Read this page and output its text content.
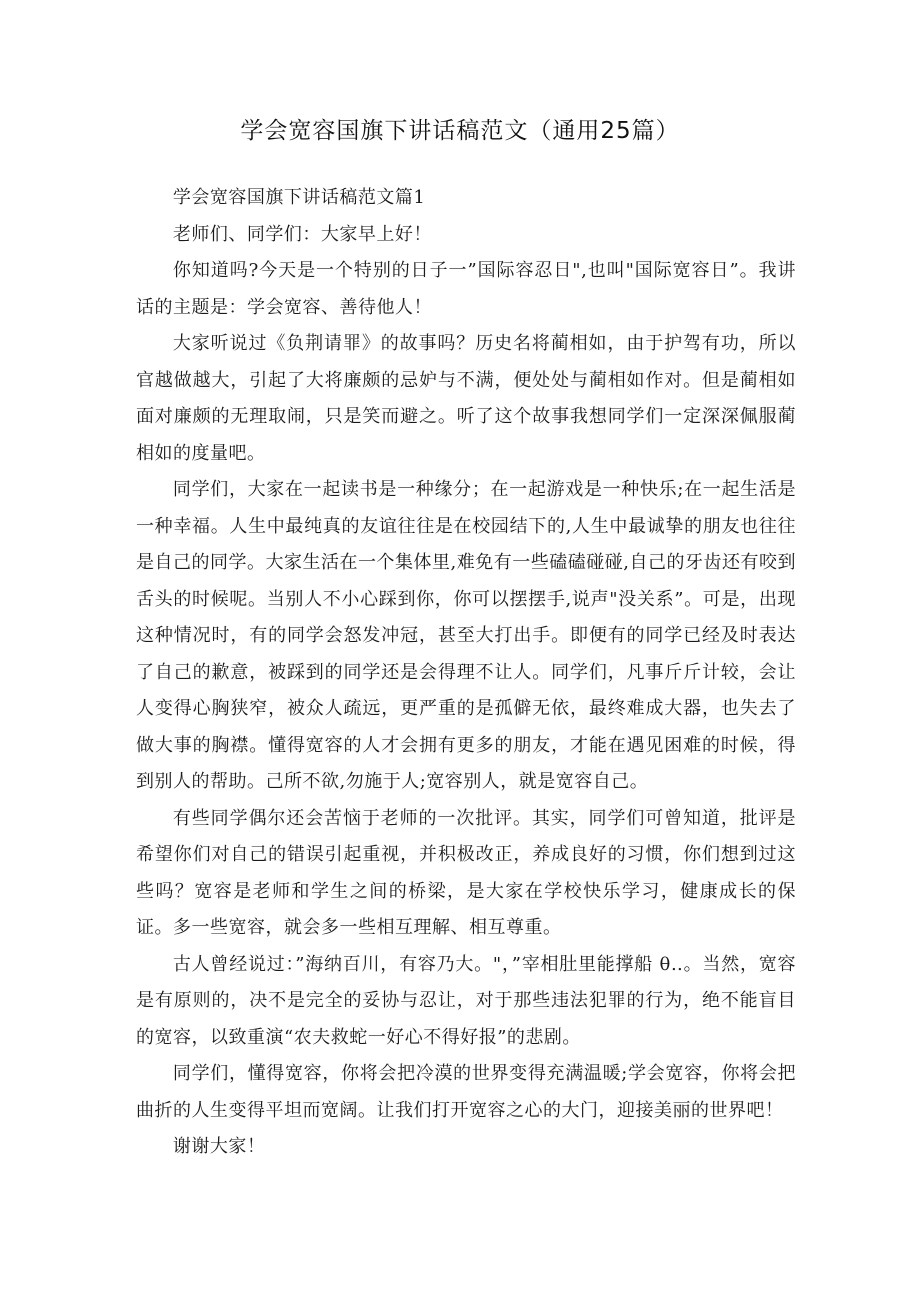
学会宽容国旗下讲话稿范文（通用25篇）

学会宽容国旗下讲话稿范文篇1

老师们、同学们：大家早上好！

你知道吗?今天是一个特别的日子一”国际容忍日",也叫"国际宽容日”。我讲话的主题是：学会宽容、善待他人！

大家听说过《负荆请罪》的故事吗？历史名将蔺相如，由于护驾有功，所以官越做越大，引起了大将廉颇的忌妒与不满，便处处与蔺相如作对。但是蔺相如面对廉颇的无理取闹，只是笑而避之。听了这个故事我想同学们一定深深佩服蔺相如的度量吧。

同学们，大家在一起读书是一种缘分；在一起游戏是一种快乐;在一起生活是一种幸福。人生中最纯真的友谊往往是在校园结下的,人生中最诚挚的朋友也往往是自己的同学。大家生活在一个集体里,难免有一些磕磕碰碰,自己的牙齿还有咬到舌头的时候呢。当别人不小心踩到你，你可以摆摆手,说声"没关系”。可是，出现这种情况时，有的同学会怒发冲冠，甚至大打出手。即便有的同学已经及时表达了自己的歉意，被踩到的同学还是会得理不让人。同学们，凡事斤斤计较，会让人变得心胸狭窄，被众人疏远，更严重的是孤僻无依，最终难成大器，也失去了做大事的胸襟。懂得宽容的人才会拥有更多的朋友，才能在遇见困难的时候，得到别人的帮助。己所不欲,勿施于人;宽容别人，就是宽容自己。

有些同学偶尔还会苦恼于老师的一次批评。其实，同学们可曾知道，批评是希望你们对自己的错误引起重视，并积极改正，养成良好的习惯，你们想到过这些吗？宽容是老师和学生之间的桥梁，是大家在学校快乐学习，健康成长的保证。多一些宽容，就会多一些相互理解、相互尊重。

古人曾经说过：”海纳百川，有容乃大。"，”宰相肚里能撑船 θ‥。当然，宽容是有原则的，决不是完全的妥协与忍让，对于那些违法犯罪的行为，绝不能盲目的宽容，以致重演“农夫救蛇一好心不得好报”的悲剧。

同学们，懂得宽容，你将会把冷漠的世界变得充满温暖;学会宽容，你将会把曲折的人生变得平坦而宽阔。让我们打开宽容之心的大门，迎接美丽的世界吧！

谢谢大家！
